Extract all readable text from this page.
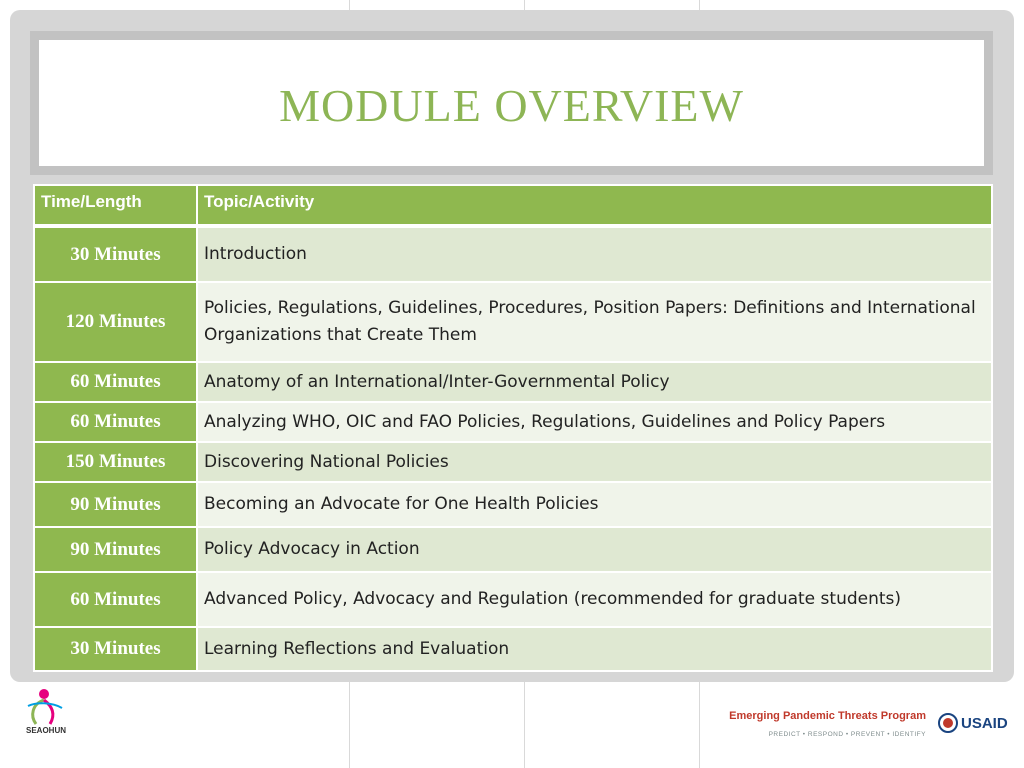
MODULE OVERVIEW
Time/Length	Topic/Activity
30 Minutes	Introduction
120 Minutes	Policies, Regulations, Guidelines, Procedures, Position Papers: Definitions and International Organizations that Create Them
60 Minutes	Anatomy of an International/Inter-Governmental Policy
60 Minutes	Analyzing WHO, OIC and FAO Policies, Regulations, Guidelines and Policy Papers
150 Minutes	Discovering National Policies
90 Minutes	Becoming an Advocate for One Health Policies
90 Minutes	Policy Advocacy in Action
60 Minutes	Advanced Policy, Advocacy and Regulation (recommended for graduate students)
30 Minutes	Learning Reflections and Evaluation
SEAOHUN
Emerging Pandemic Threats Program
PREDICT • RESPOND • PREVENT • IDENTIFY
USAID
